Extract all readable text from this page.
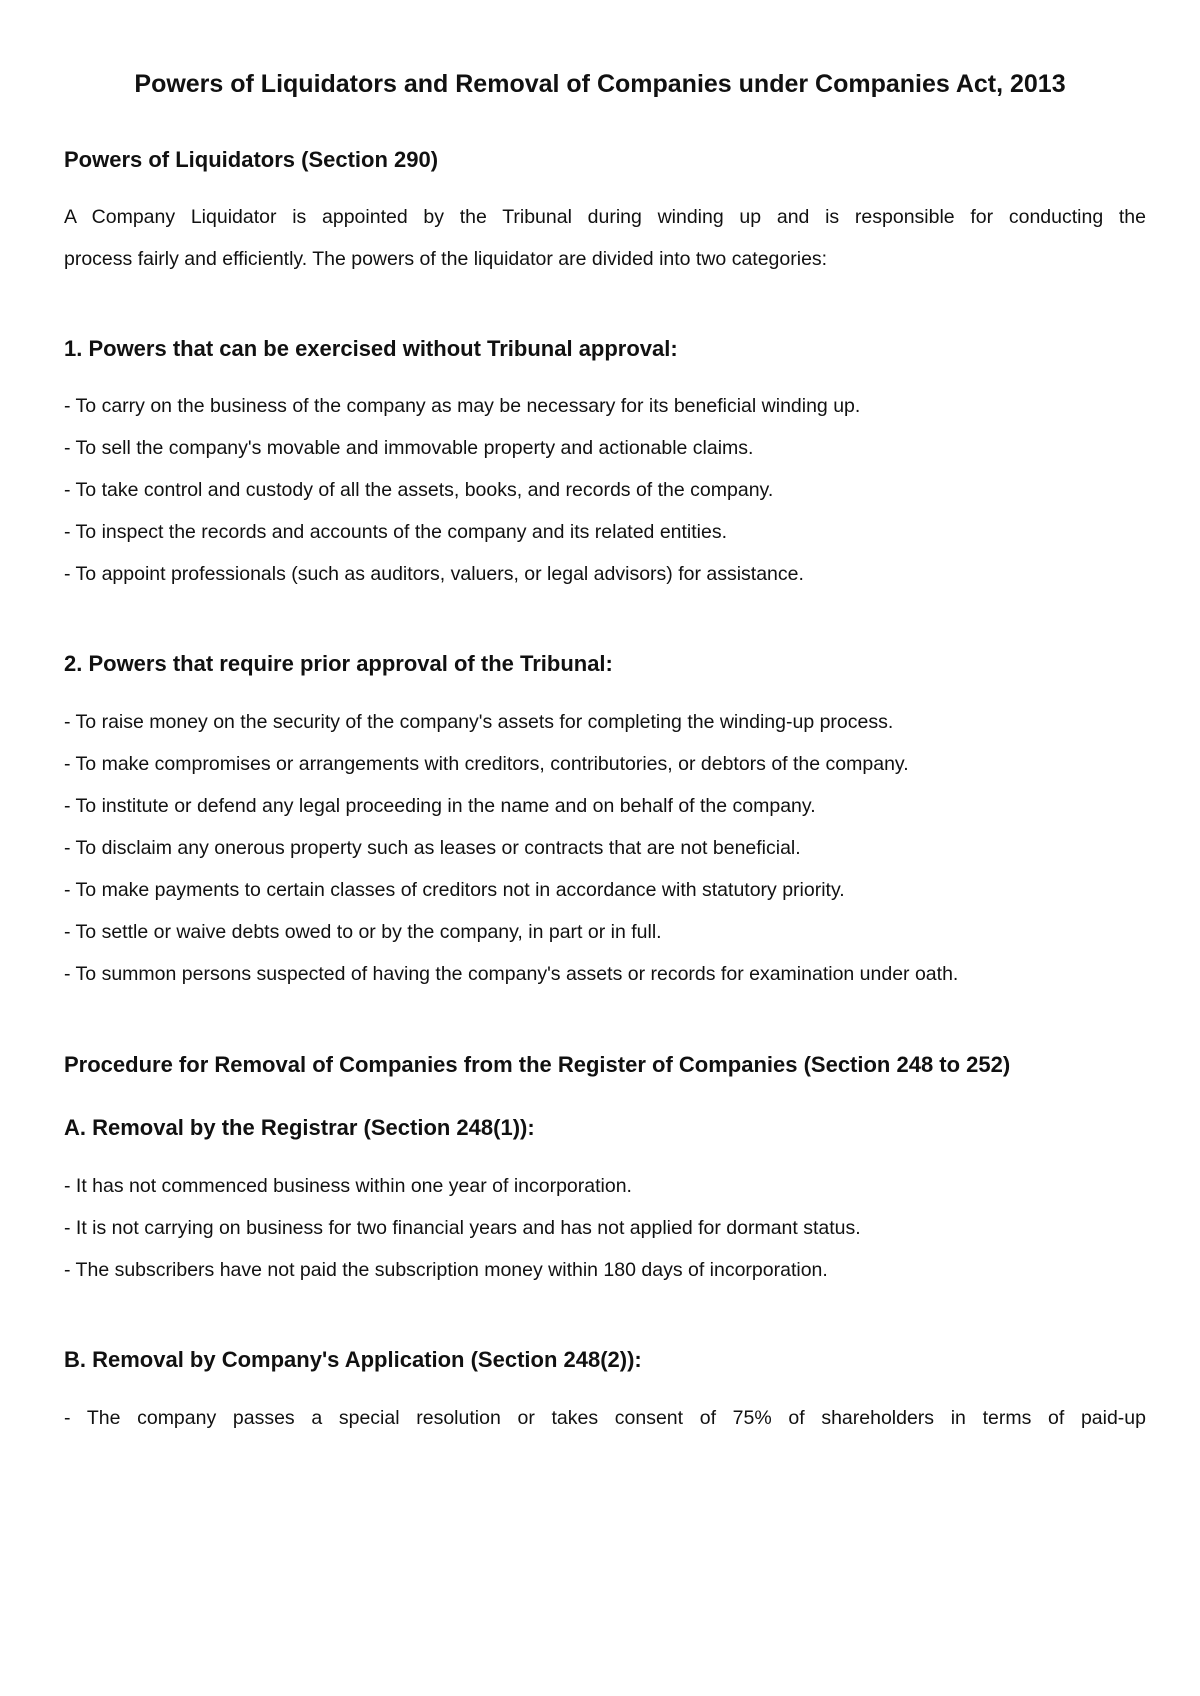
Powers of Liquidators and Removal of Companies under Companies Act, 2013
Powers of Liquidators (Section 290)
A Company Liquidator is appointed by the Tribunal during winding up and is responsible for conducting the
process fairly and efficiently. The powers of the liquidator are divided into two categories:
1. Powers that can be exercised without Tribunal approval:
- To carry on the business of the company as may be necessary for its beneficial winding up.
- To sell the company's movable and immovable property and actionable claims.
- To take control and custody of all the assets, books, and records of the company.
- To inspect the records and accounts of the company and its related entities.
- To appoint professionals (such as auditors, valuers, or legal advisors) for assistance.
2. Powers that require prior approval of the Tribunal:
- To raise money on the security of the company's assets for completing the winding-up process.
- To make compromises or arrangements with creditors, contributories, or debtors of the company.
- To institute or defend any legal proceeding in the name and on behalf of the company.
- To disclaim any onerous property such as leases or contracts that are not beneficial.
- To make payments to certain classes of creditors not in accordance with statutory priority.
- To settle or waive debts owed to or by the company, in part or in full.
- To summon persons suspected of having the company's assets or records for examination under oath.
Procedure for Removal of Companies from the Register of Companies (Section 248 to 252)
A. Removal by the Registrar (Section 248(1)):
- It has not commenced business within one year of incorporation.
- It is not carrying on business for two financial years and has not applied for dormant status.
- The subscribers have not paid the subscription money within 180 days of incorporation.
B. Removal by Company's Application (Section 248(2)):
- The company passes a special resolution or takes consent of 75% of shareholders in terms of paid-up
